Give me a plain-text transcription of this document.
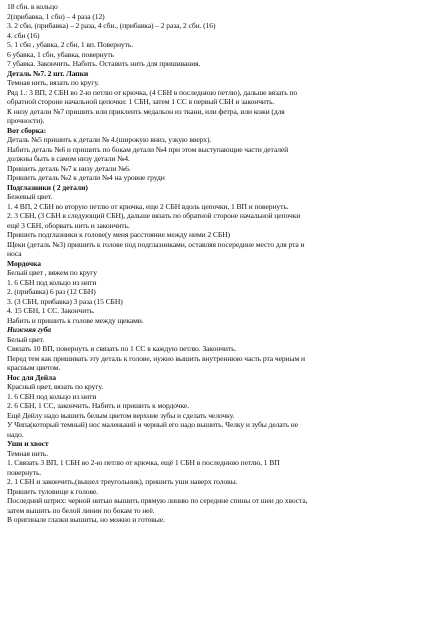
18 сбн. в кольцо
2(прибавка, 1 сбн) – 4 раза (12)
3. 2 сбн, (прибавка) – 2 раза, 4 сбн., (прибавка) – 2 раза, 2 сбн. (16)
4. сбн (16)
5. 1 сбн , убавка, 2 сбн, 1 вп. Повернуть.
6 убавка, 1 сбн, убавка, повернуть
7 убавка. Закончить. Набить. Оставить нить для пришивания.
Деталь №7. 2 шт. Лапки
Темная нить, вязать по кругу.
Ряд 1.: 3 ВП, 2 СБН во 2-ю петлю от крючка, (4 СБН в последнюю петлю), дальше вязать по
обратной стороне начальной цепочки: 1 СБН, затем 1 СС в первый СБН и закончить.
К низу детали №7 пришить или приклеить медальон из ткани, или фетра, или кожи (для
прочности).
Вот сборка:
Деталь №5 пришить к детали № 4.(широкую вниз, узкую вверх).
Набить деталь №6 и пришить по бокам детали №4 при этом выступающие части деталей
должны быть в самом низу детали №4.
Пришить деталь №7 к низу детали №6.
Пришить деталь №2 к детали №4 на уровне груди
Подглазники ( 2 детали)
Бежевый цвет.
1. 4 ВП, 2 СБН во вторую петлю от крючка, еще 2 СБН вдоль цепочки, 1 ВП и повернуть.
2. 3 СБН, (3 СБН в следующий СБН), дальше вязать по обратной стороне начальной цепочки
ещё 3 СБН, оборвать нить и закончить.
Пришить подглазники к голове(у меня расстояние между ними 2 СБН)
Щеки (деталь №3) пришить к голове под подглазниками, оставляя посередине место для рта и
носа
Мордочка
Белый цвет , вяжем по кругу
1. 6 СБН под кольцо из нити
2. (прибавка) 6 раз (12 СБН)
3. (3 СБН, прибавка) 3 раза (15 СБН)
4. 15 СБН, 1 СС. Закончить.
Набить и пришить к голове между щеками.
Нижняя губа
Белый цвет.
Связать 10 ВП, повернуть и связать по 1 СС в каждую петлю. Закончить.
Перед тем как пришивать эту деталь к голове, нужно вышить внутреннюю часть рта черным и
красным цветом.
Нос для Дейла
Красный цвет, вязать по кругу.
1. 6 СБН под кольцо из нити
2. 6 СБН, 1 СС, закончить. Набить и пришить к мордочке.
Ещё Дейлу надо вышить белым цветом верхние зубы и сделать челочку.
У Чипа(который темный) нос маленький и черный его надо вышить. Челку и зубы делать не
надо.
Уши и хвост
Темная нить.
1. Связать 3 ВП, 1 СБН во 2-ю петлю от крючка, ещё 1 СБН в последнюю петлю, 1 ВП
повернуть.
2. 1 СБН и закончить,(вышел треугольник), пришить уши наверх головы.
Пришить туловище к голове.
Последний штрих: черной нитью вышить прямую линию по середине спины от шеи до хвоста,
затем вышить по белой линии по бокам то неё.
В оригинале глазки вышиты, но можно и готовые.
